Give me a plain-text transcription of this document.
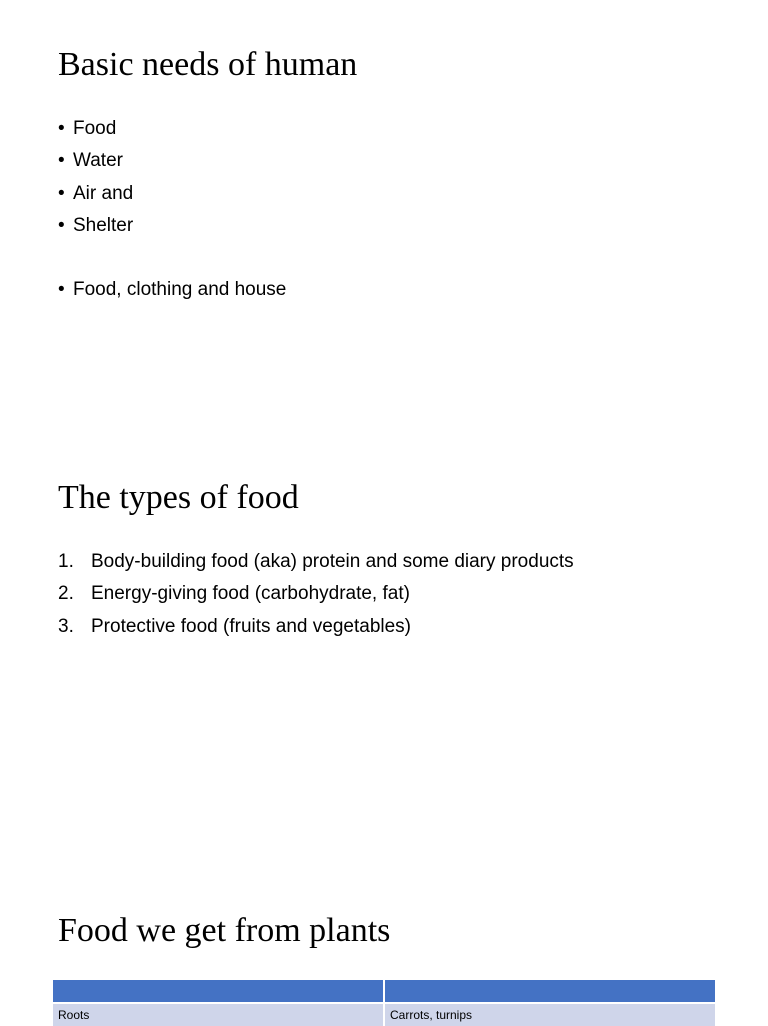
Basic needs of human
• Food
• Water
• Air and
• Shelter
• Food, clothing and house
The types of food
1. Body-building food (aka) protein and some diary products
2. Energy-giving food (carbohydrate, fat)
3. Protective food (fruits and vegetables)
Food we get from plants

Roots	Carrots, turnips
